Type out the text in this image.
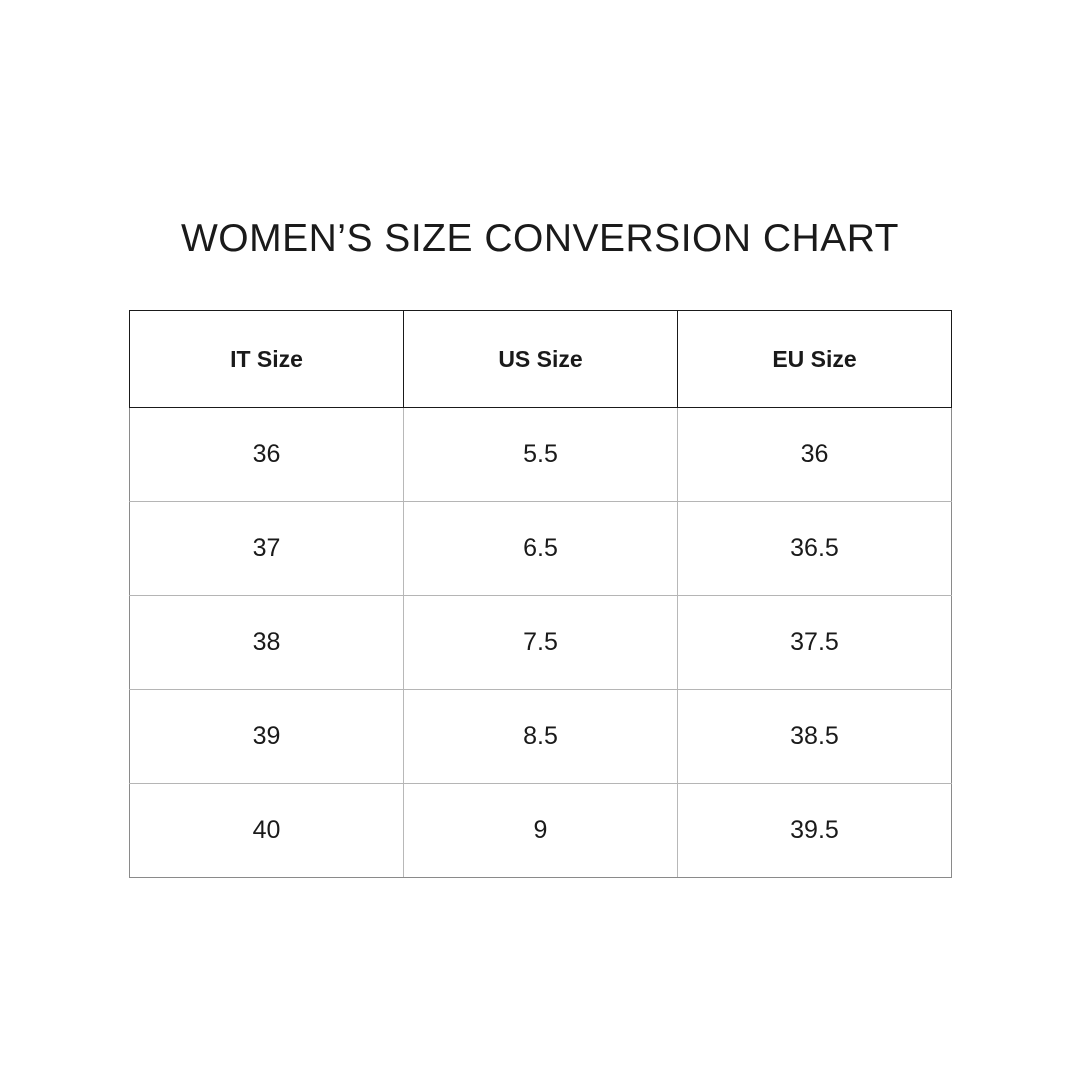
WOMEN’S SIZE CONVERSION CHART
IT Size	US Size	EU Size
36	5.5	36
37	6.5	36.5
38	7.5	37.5
39	8.5	38.5
40	9	39.5
